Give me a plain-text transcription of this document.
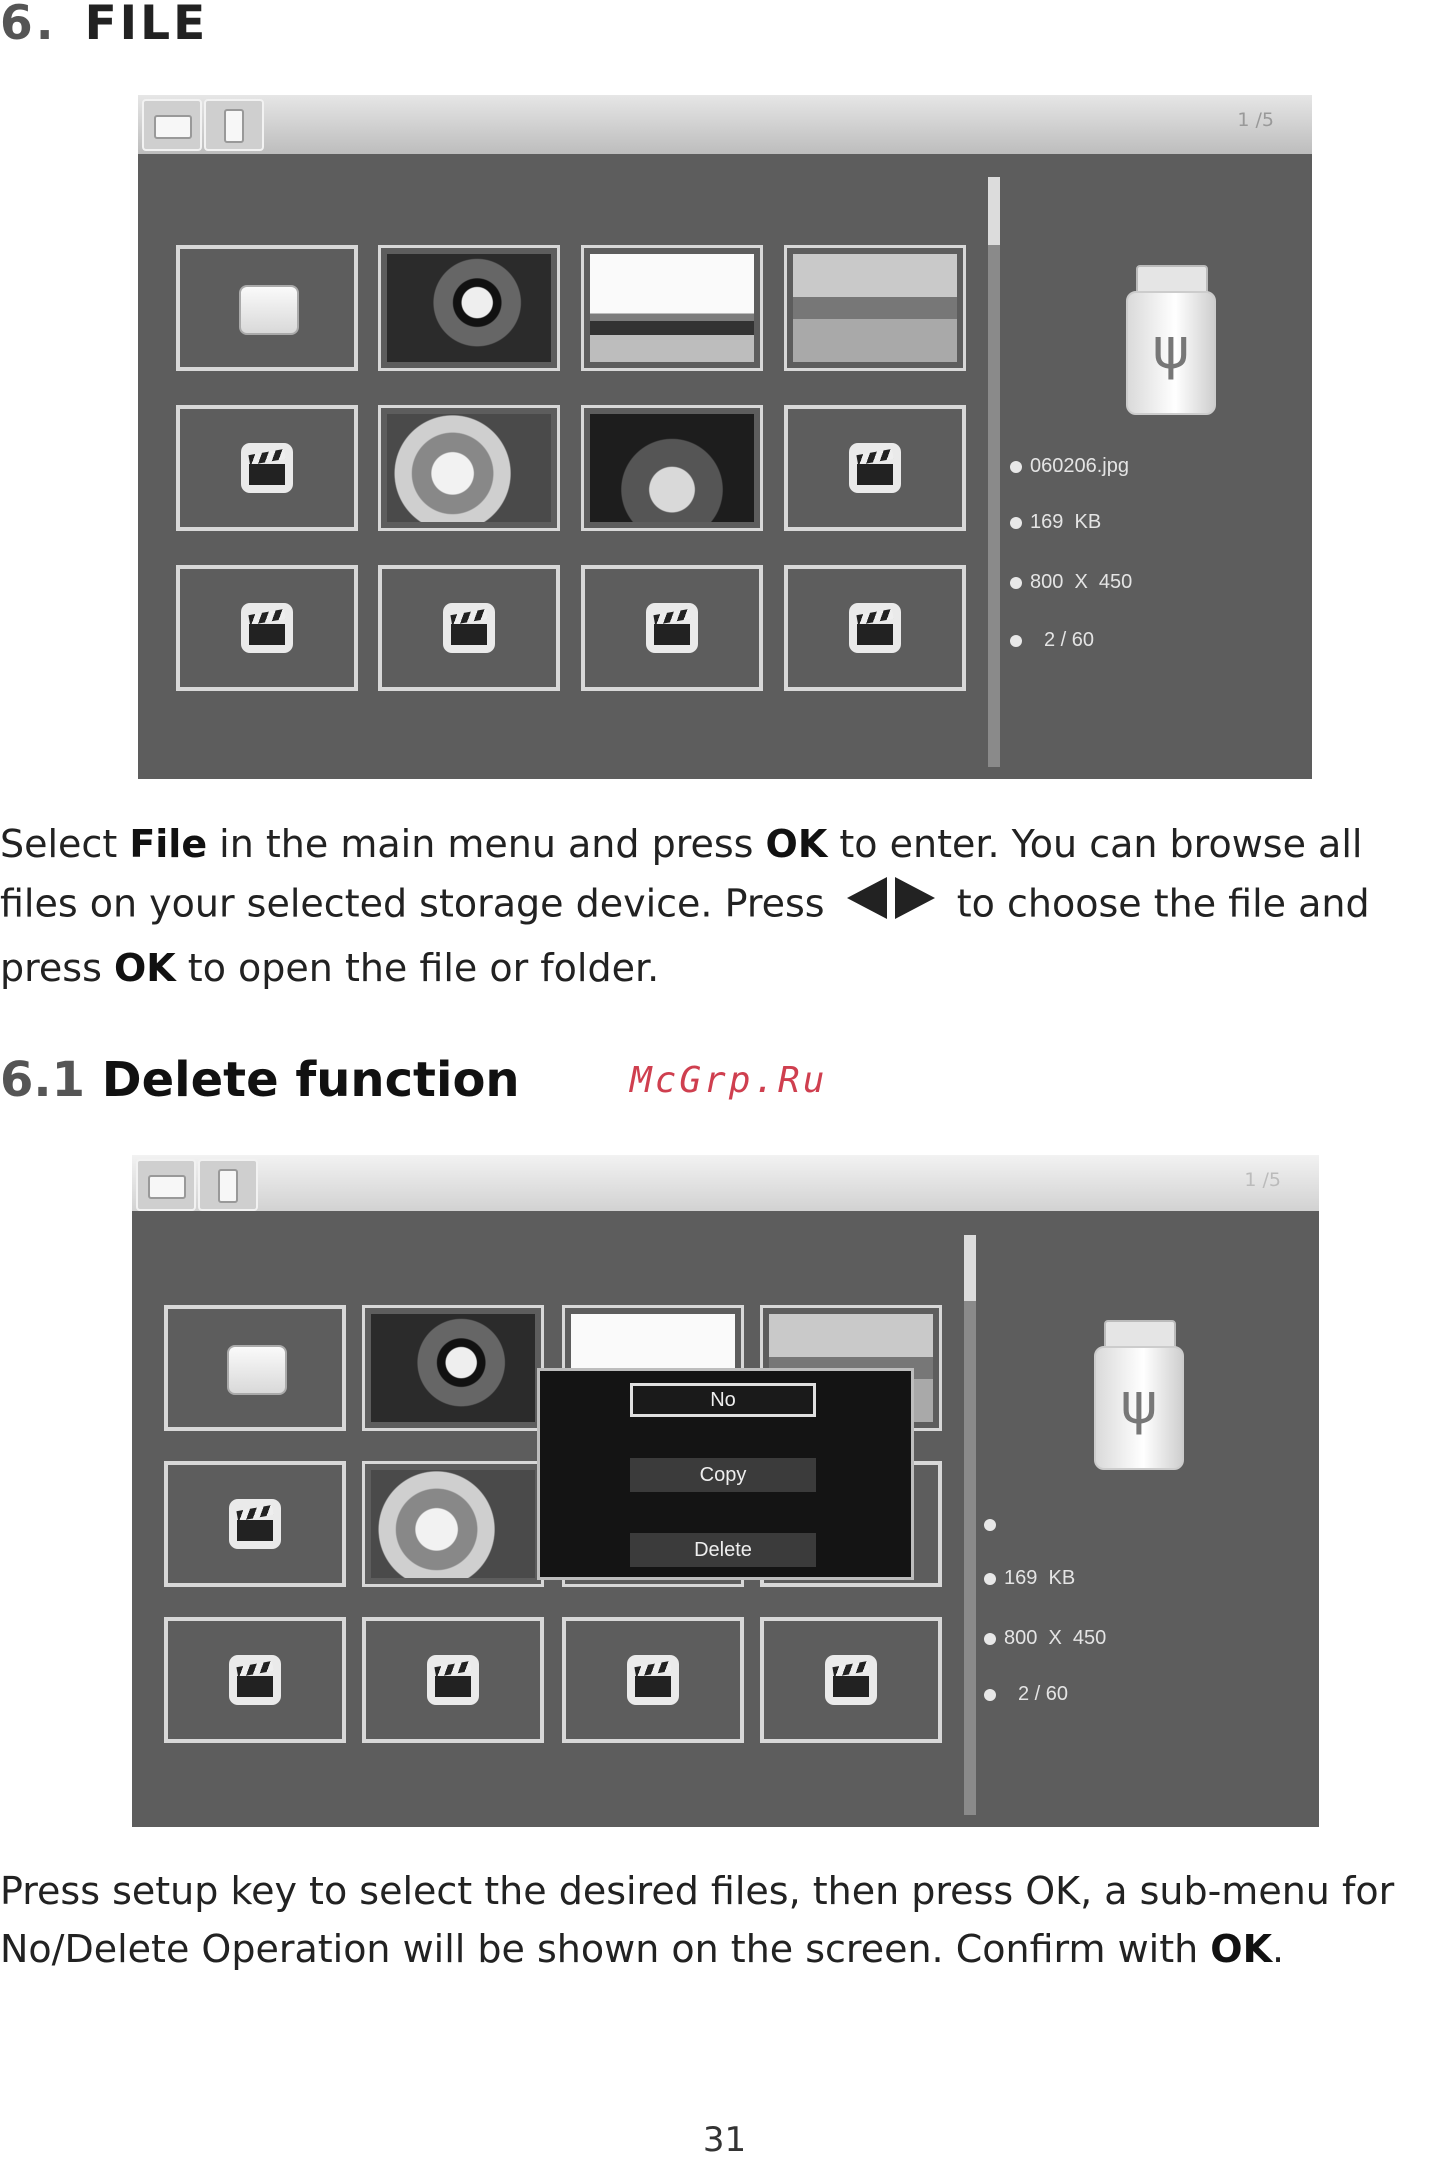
6. FILE
1 /5
ψ
060206.jpg
169  KB
800  X  450
2 / 60
Select File in the main menu and press OK to enter. You can browse all files on your selected storage device. Press	to choose the file and press OK to open the file or folder.
6.1 Delete function	McGrp.Ru
1 /5
ψ
169  KB
800  X  450
2 / 60
No
Copy
Delete
Press setup key to select the desired files, then press OK, a sub-menu for No/Delete Operation will be shown on the screen. Confirm with OK.
31
